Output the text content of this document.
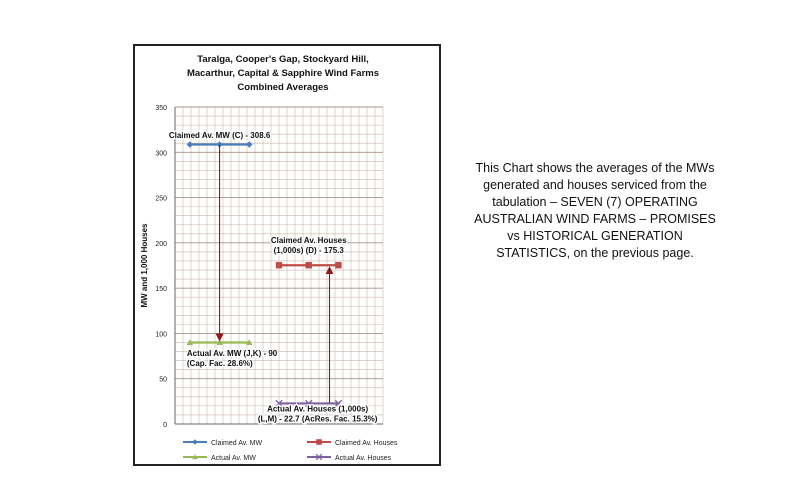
Taralga, Cooper's Gap, Stockyard Hill,
Macarthur, Capital & Sapphire Wind Farms
Combined Averages
0
50
100
150
200
250
300
350
MW and 1,000 Houses
Claimed Av. MW (C) - 308.6
Claimed Av. Houses
(1,000s) (D) - 175.3
Actual Av. MW (J,K) - 90
(Cap. Fac. 28.6%)
Actual Av. Houses (1,000s)
(L,M) - 22.7 (AcRes. Fac. 15.3%)
Claimed Av. MW	Claimed Av. Houses
Actual Av. MW	Actual Av. Houses
This Chart shows the averages of the MWs generated and houses serviced from the tabulation – SEVEN (7) OPERATING AUSTRALIAN WIND FARMS – PROMISES vs HISTORICAL GENERATION STATISTICS, on the previous page.
